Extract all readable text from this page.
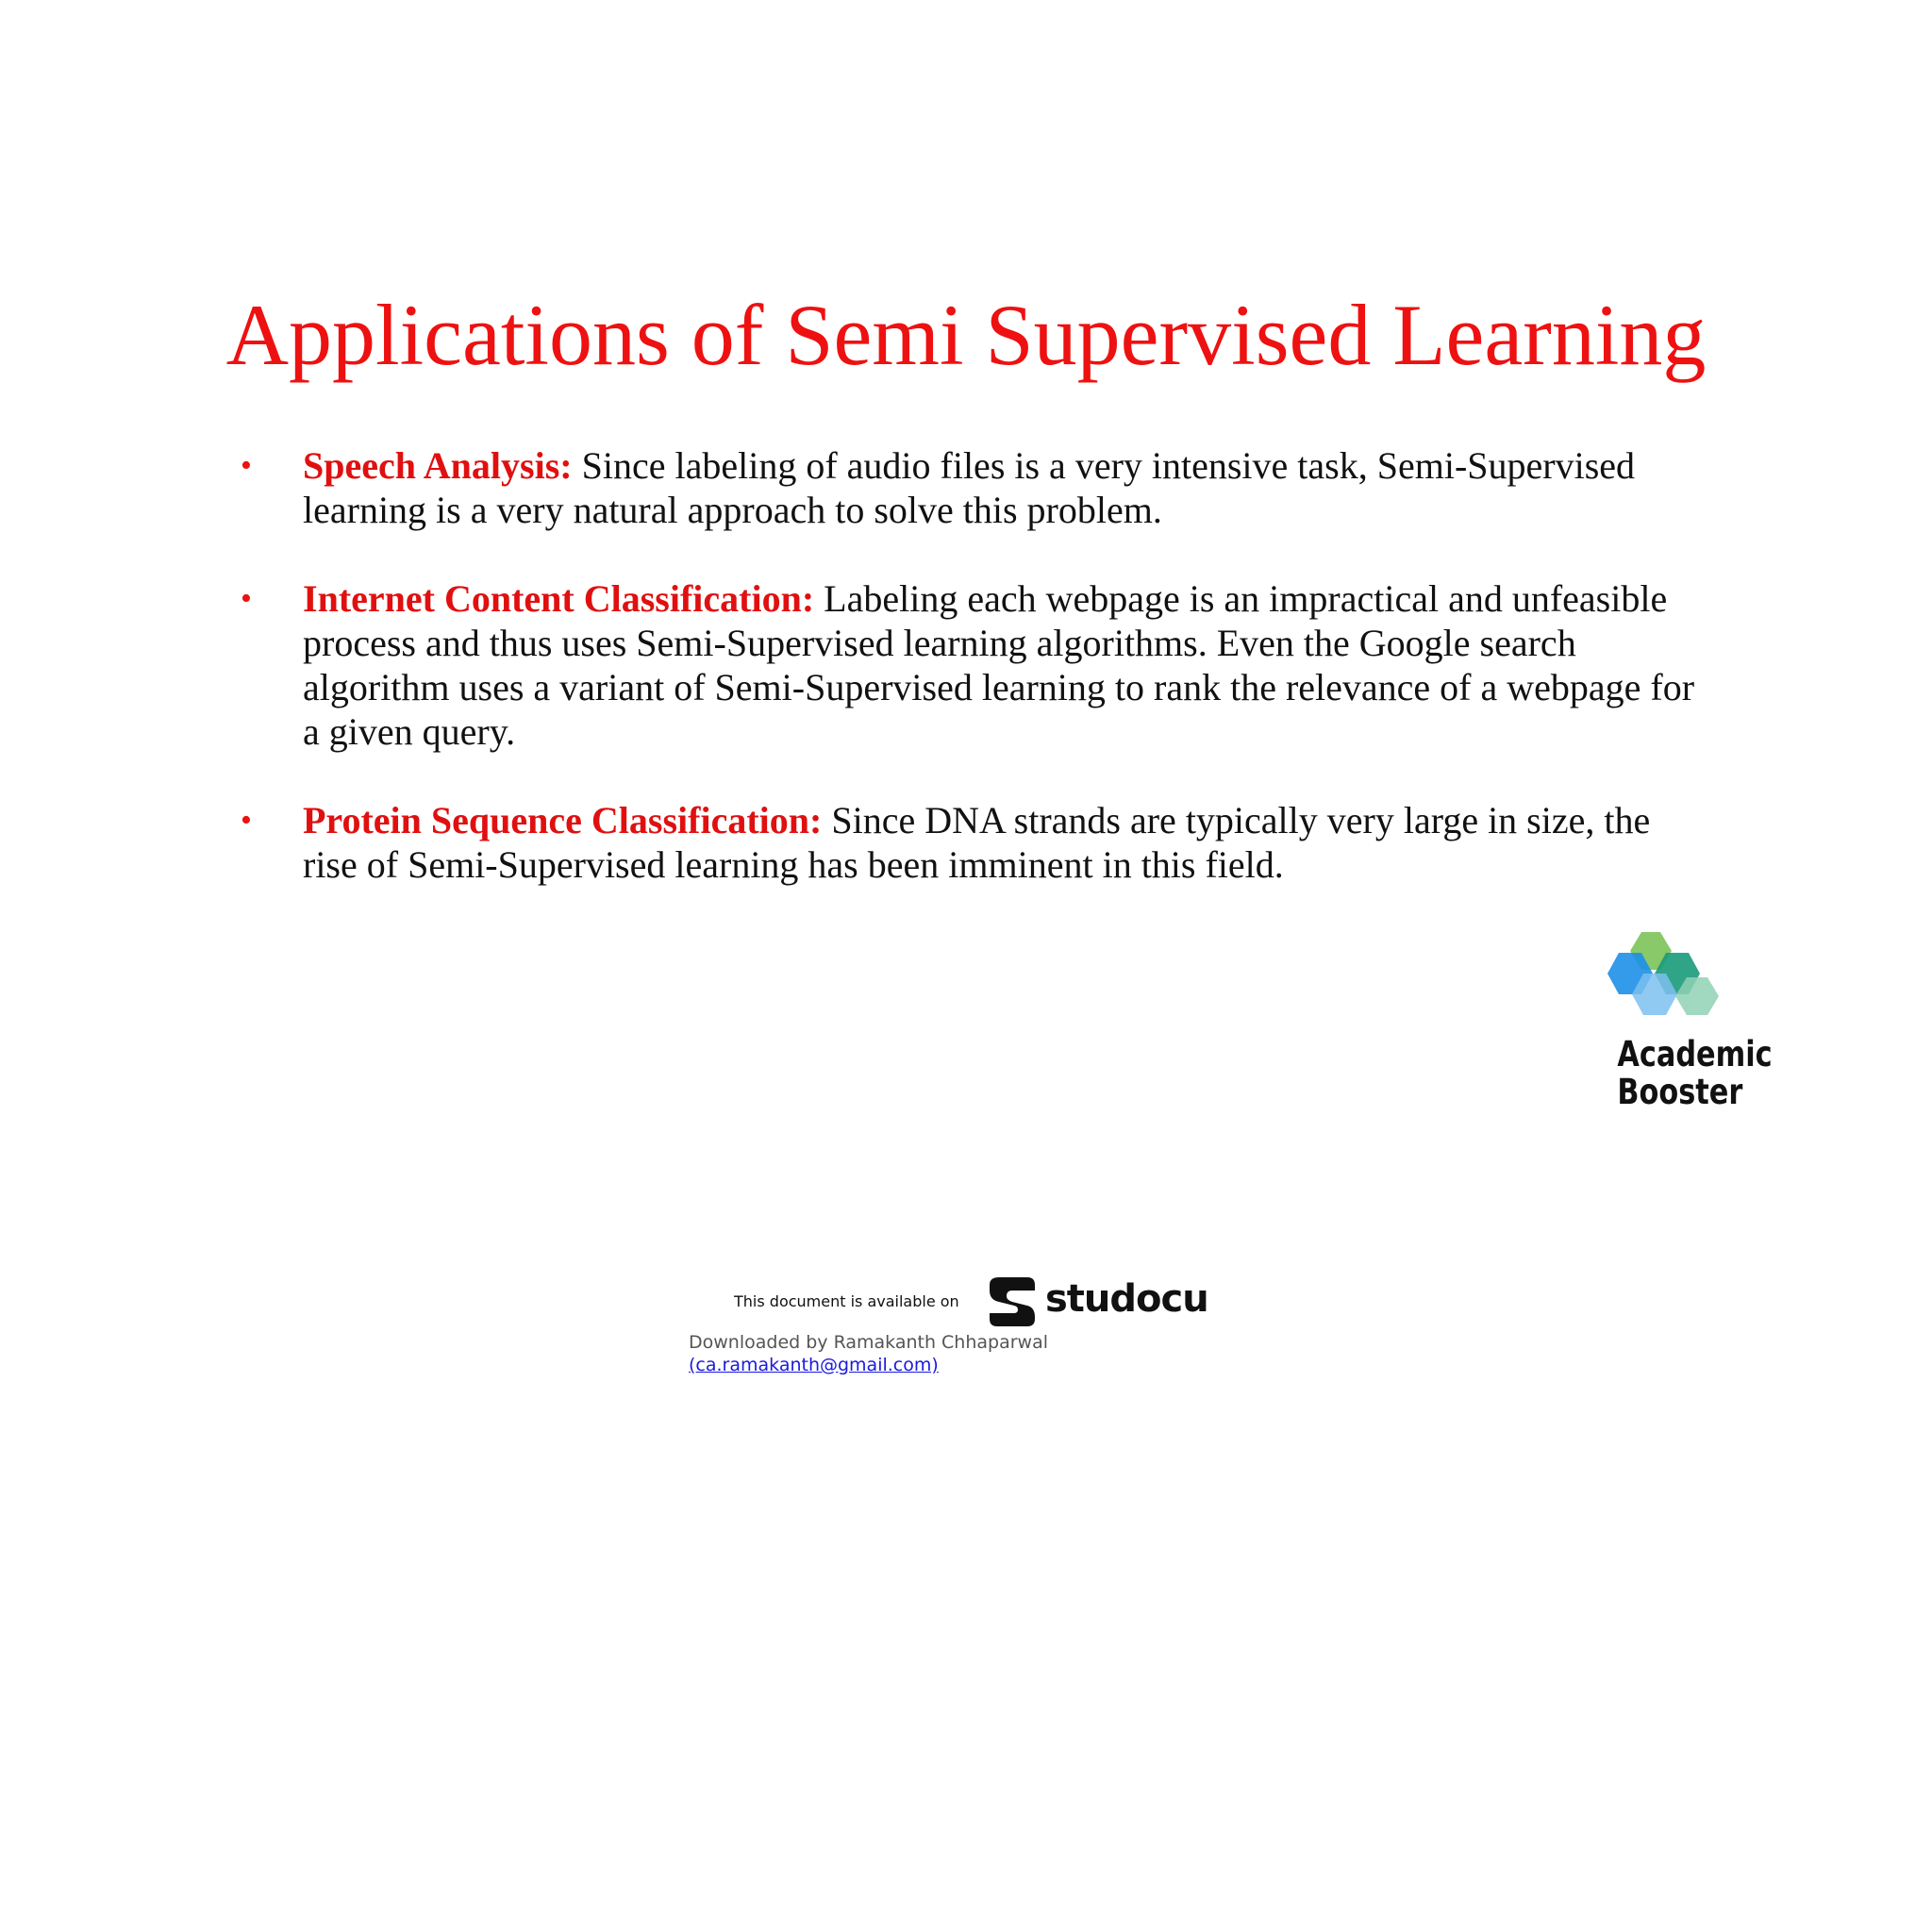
Applications of Semi Supervised Learning
• Speech Analysis: Since labeling of audio files is a very intensive task, Semi-Supervised learning is a very natural approach to solve this problem.
• Internet Content Classification: Labeling each webpage is an impractical and unfeasible process and thus uses Semi-Supervised learning algorithms. Even the Google search algorithm uses a variant of Semi-Supervised learning to rank the relevance of a webpage for a given query.
• Protein Sequence Classification: Since DNA strands are typically very large in size, the rise of Semi-Supervised learning has been imminent in this field.
Academic
Booster
This document is available on studocu
Downloaded by Ramakanth Chhaparwal
(ca.ramakanth@gmail.com)
